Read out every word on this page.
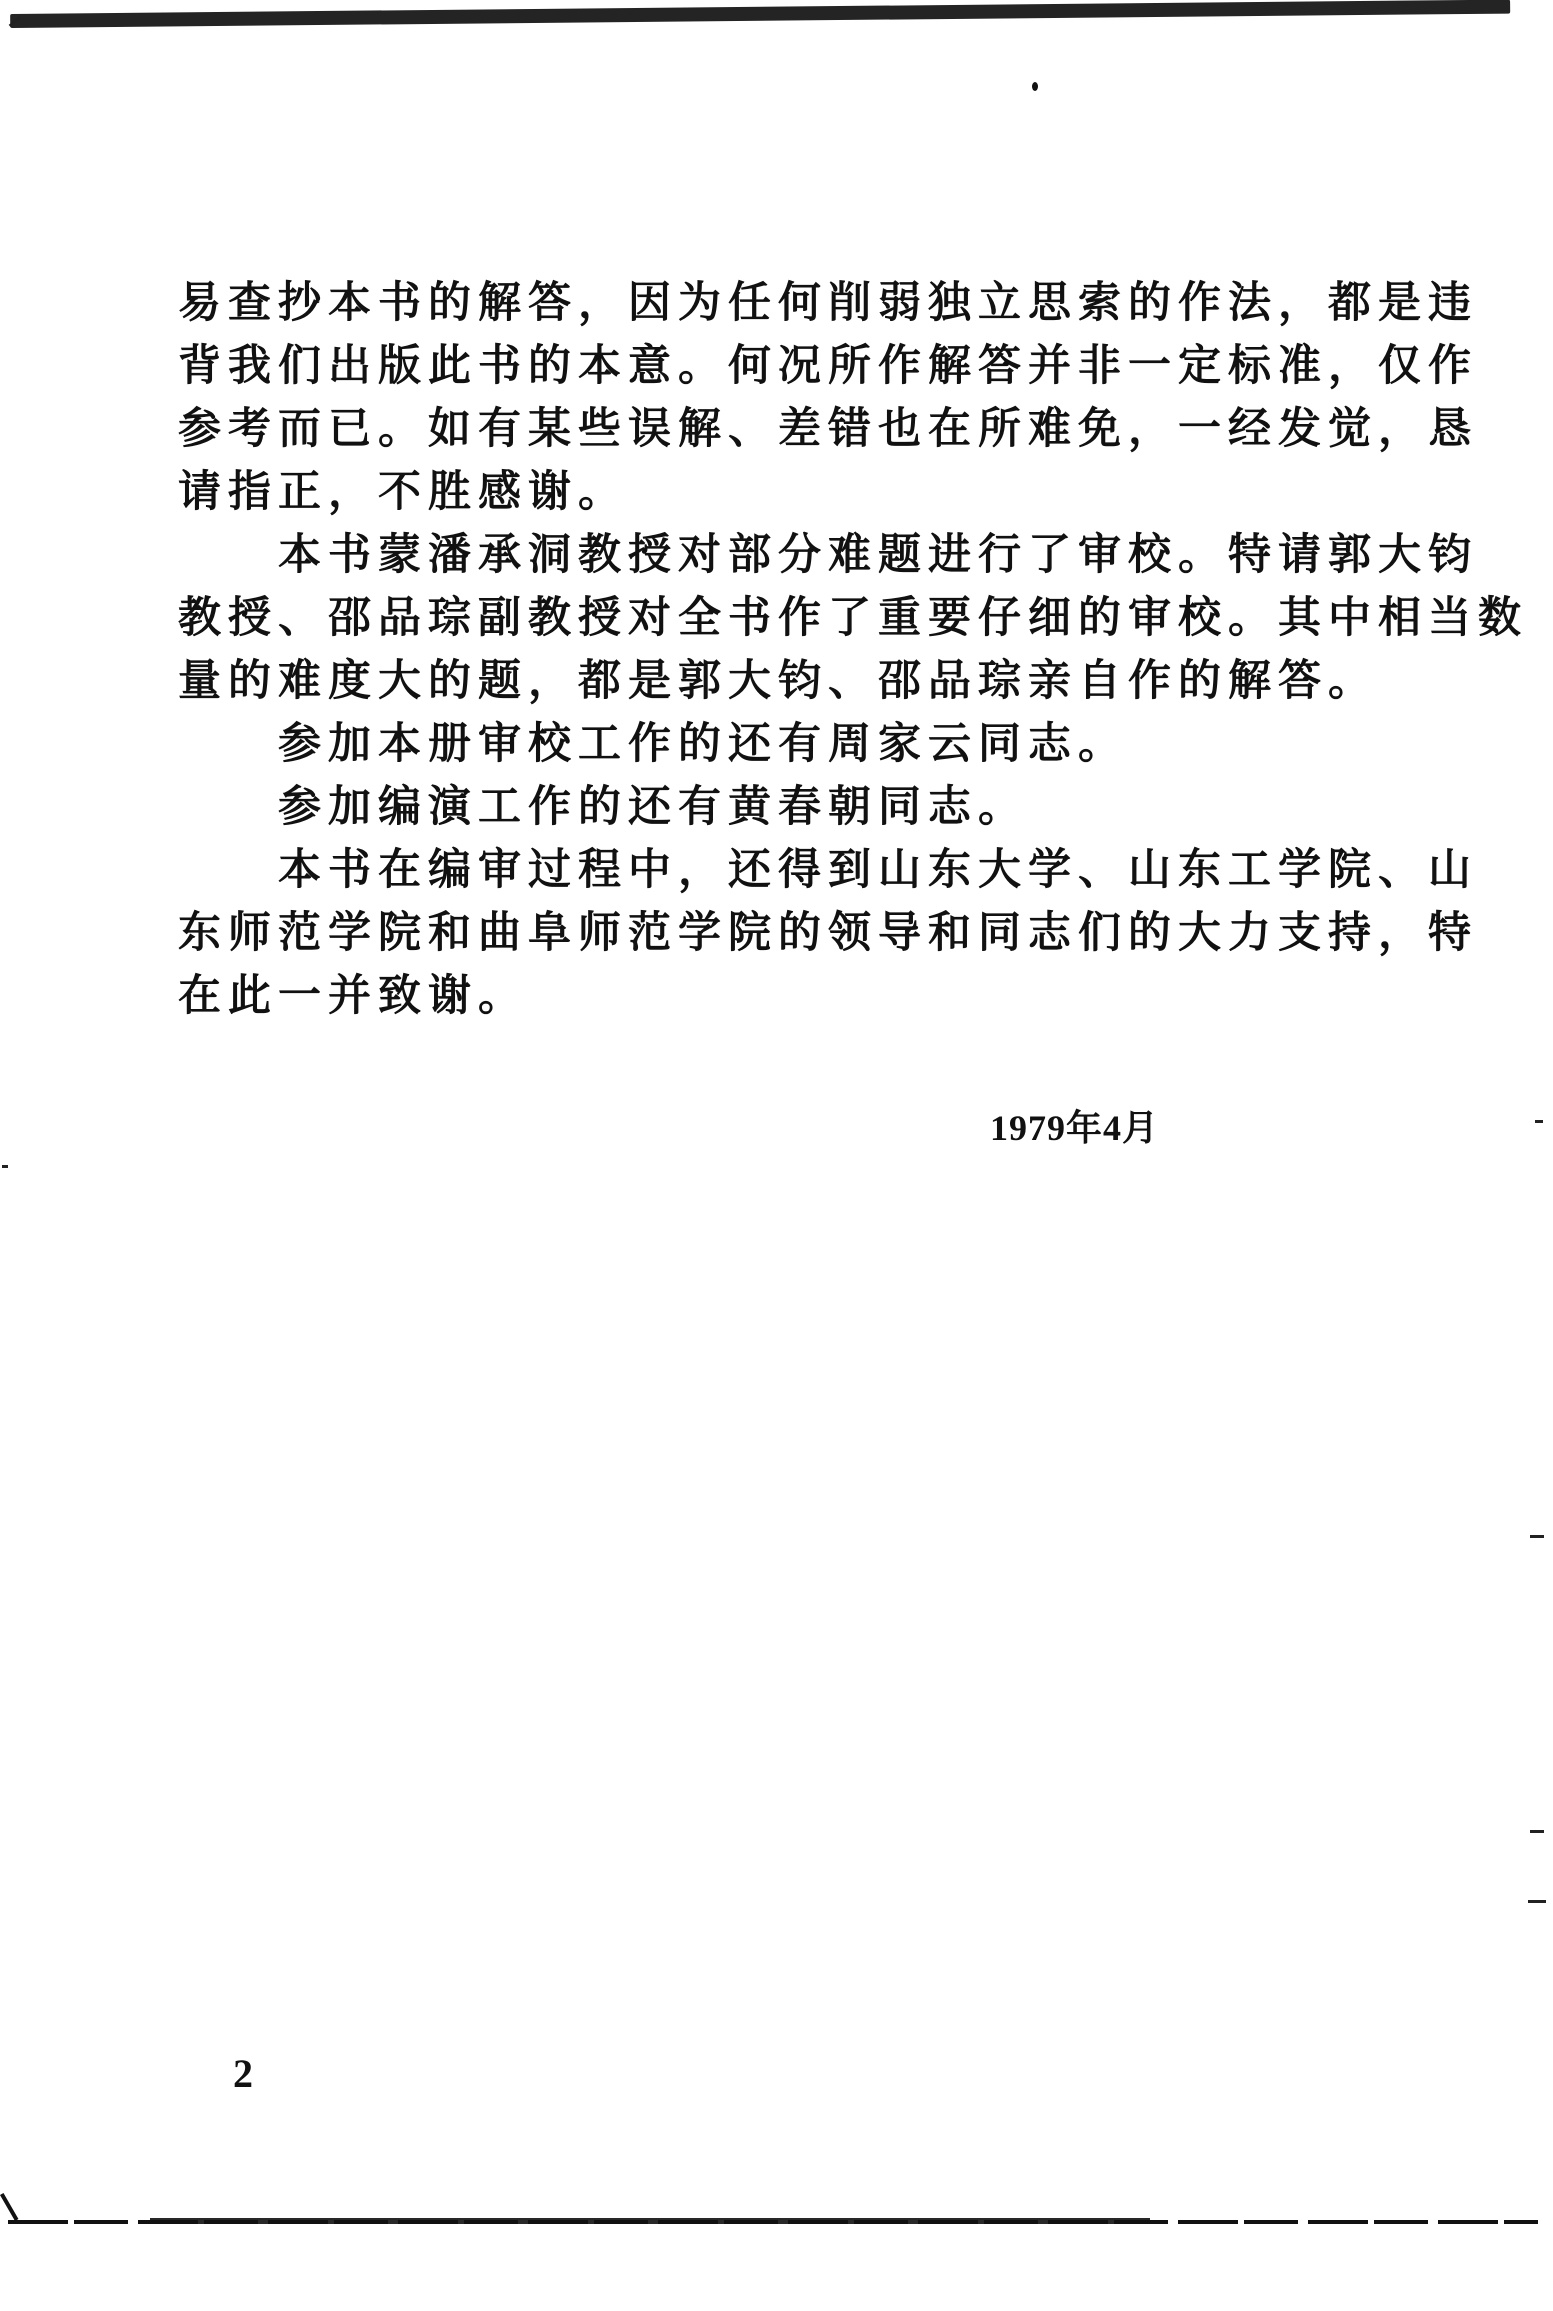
易查抄本书的解答，因为任何削弱独立思索的作法，都是违
背我们出版此书的本意。何况所作解答并非一定标准，仅作
参考而已。如有某些误解、差错也在所难免，一经发觉，恳
请指正，不胜感谢。
本书蒙潘承洞教授对部分难题进行了审校。特请郭大钧
教授、邵品琮副教授对全书作了重要仔细的审校。其中相当数
量的难度大的题，都是郭大钧、邵品琮亲自作的解答。
参加本册审校工作的还有周家云同志。
参加编演工作的还有黄春朝同志。
本书在编审过程中，还得到山东大学、山东工学院、山
东师范学院和曲阜师范学院的领导和同志们的大力支持，特
在此一并致谢。
1979年4月
2
